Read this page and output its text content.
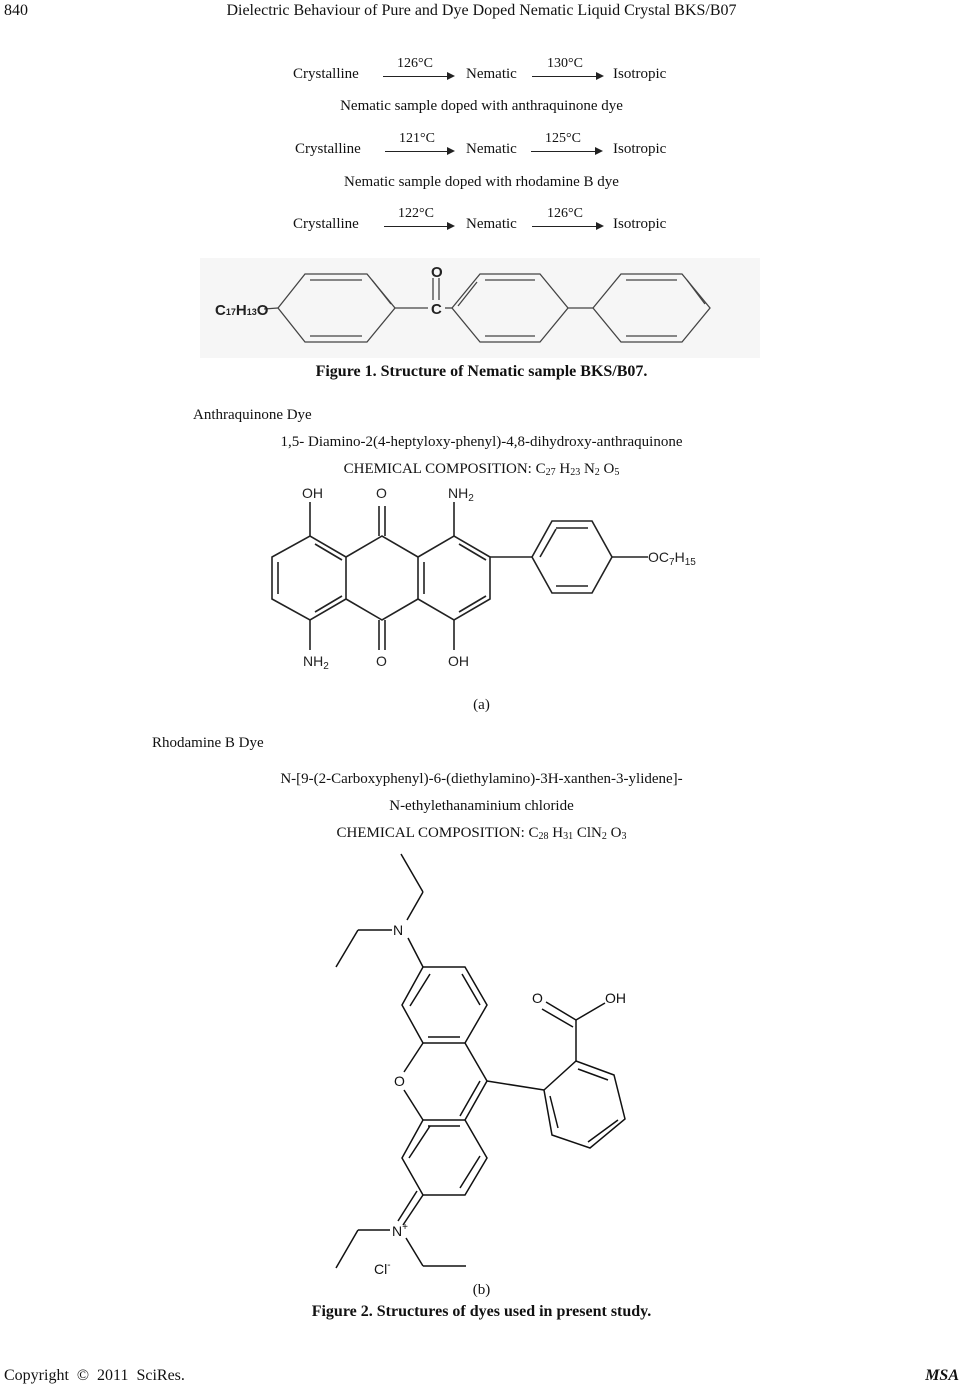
840	Dielectric Behaviour of Pure and Dye Doped Nematic Liquid Crystal BKS/B07
Crystalline
126°C
Nematic
130°C
Isotropic
Nematic sample doped with anthraquinone dye
Crystalline
121°C
Nematic
125°C
Isotropic
Nematic sample doped with rhodamine B dye
Crystalline
122°C
Nematic
126°C
Isotropic
C17H13O
O
C
Figure 1. Structure of Nematic sample BKS/B07.
Anthraquinone Dye
1,5- Diamino-2(4-heptyloxy-phenyl)-4,8-dihydroxy-anthraquinone
CHEMICAL COMPOSITION: $C_{27}$ $H_{23}$ $N_2$ $O_5$
OH	O	$NH_2$
$OC_7H_{15}$
$NH_2$	O	OH
(a)
Rhodamine B Dye
N-[9-(2-Carboxyphenyl)-6-(diethylamino)-3H-xanthen-3-ylidene]-
N-ethylethanaminium chloride
CHEMICAL COMPOSITION: $C_{28}$ $H_{31}$ ClN$_2$ $O_3$
N
O
O	OH
N+
Cl-
(b)
Figure 2. Structures of dyes used in present study.
Copyright  ©  2011  SciRes.	MSA
